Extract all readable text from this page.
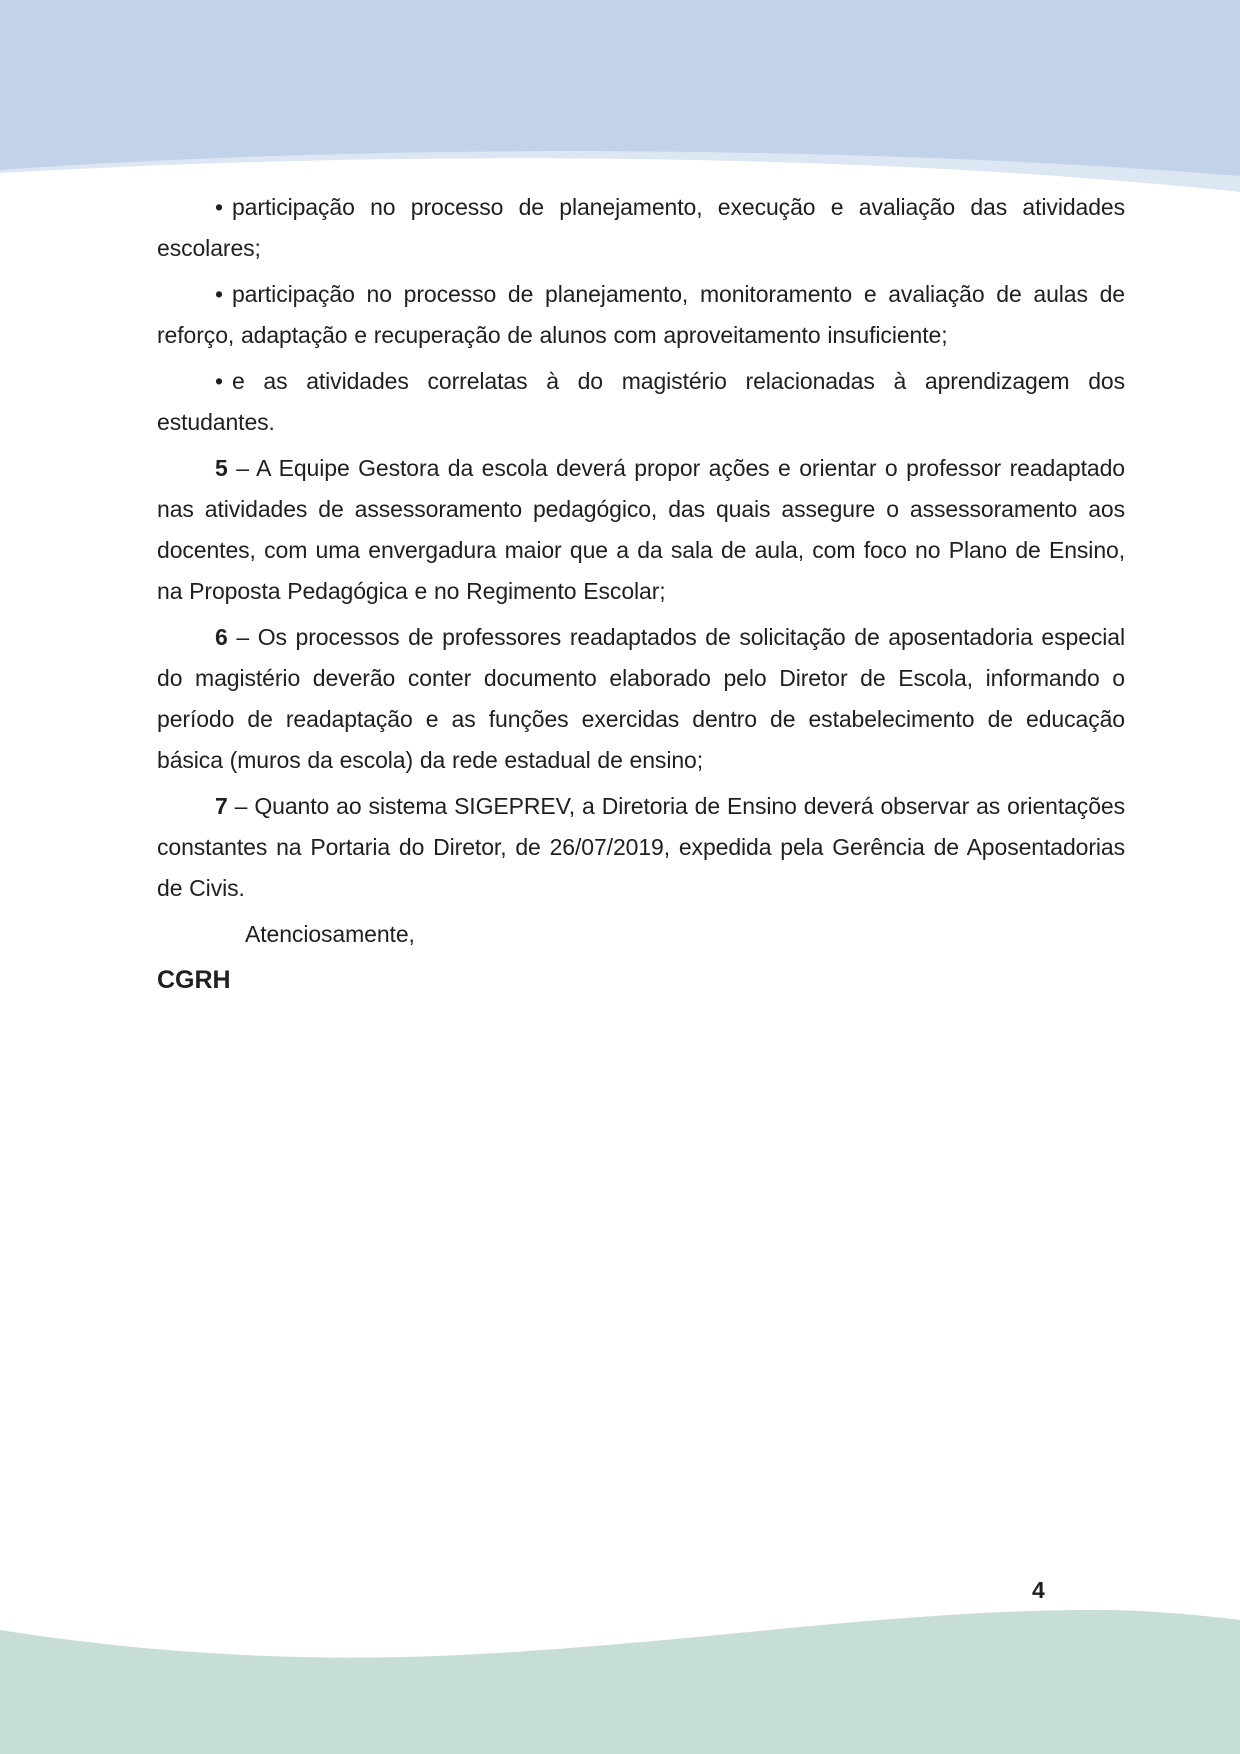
• participação no processo de planejamento, execução e avaliação das atividades escolares;

• participação no processo de planejamento, monitoramento e avaliação de aulas de reforço, adaptação e recuperação de alunos com aproveitamento insuficiente;

• e as atividades correlatas à do magistério relacionadas à aprendizagem dos estudantes.

5 – A Equipe Gestora da escola deverá propor ações e orientar o professor readaptado nas atividades de assessoramento pedagógico, das quais assegure o assessoramento aos docentes, com uma envergadura maior que a da sala de aula, com foco no Plano de Ensino, na Proposta Pedagógica e no Regimento Escolar;

6 – Os processos de professores readaptados de solicitação de aposentadoria especial do magistério deverão conter documento elaborado pelo Diretor de Escola, informando o período de readaptação e as funções exercidas dentro de estabelecimento de educação básica (muros da escola) da rede estadual de ensino;

7 – Quanto ao sistema SIGEPREV, a Diretoria de Ensino deverá observar as orientações constantes na Portaria do Diretor, de 26/07/2019, expedida pela Gerência de Aposentadorias de Civis.

Atenciosamente,

CGRH

4
